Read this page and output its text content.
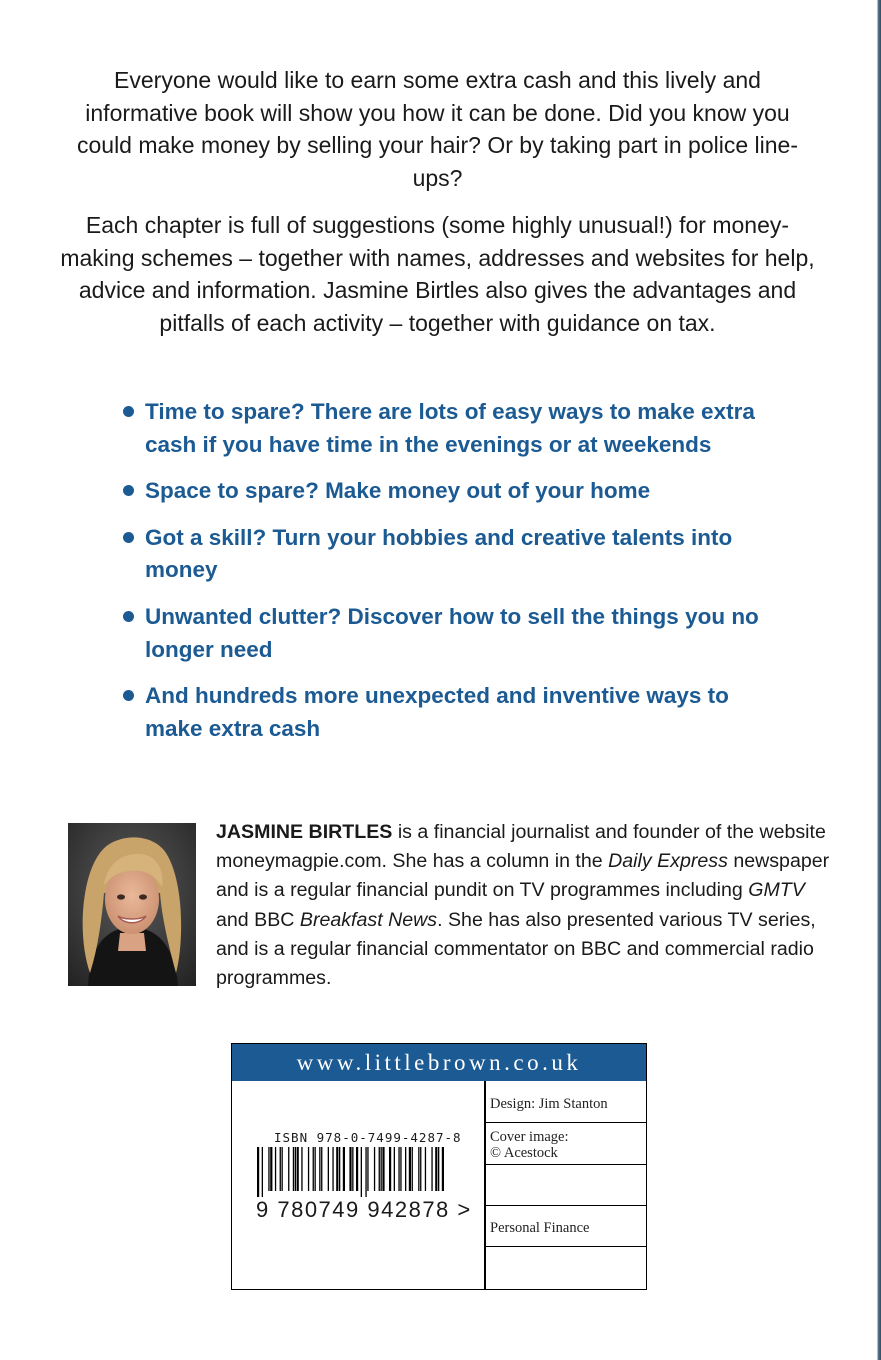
Everyone would like to earn some extra cash and this lively and informative book will show you how it can be done. Did you know you could make money by selling your hair? Or by taking part in police line-ups?

Each chapter is full of suggestions (some highly unusual!) for money-making schemes – together with names, addresses and websites for help, advice and information. Jasmine Birtles also gives the advantages and pitfalls of each activity – together with guidance on tax.

Time to spare? There are lots of easy ways to make extra cash if you have time in the evenings or at weekends
Space to spare? Make money out of your home
Got a skill? Turn your hobbies and creative talents into money
Unwanted clutter? Discover how to sell the things you no longer need
And hundreds more unexpected and inventive ways to make extra cash

JASMINE BIRTLES is a financial journalist and founder of the website moneymagpie.com. She has a column in the Daily Express newspaper and is a regular financial pundit on TV programmes including GMTV and BBC Breakfast News. She has also presented various TV series, and is a regular financial commentator on BBC and commercial radio programmes.

www.littlebrown.co.uk
ISBN 978-0-7499-4287-8
9 780749 942878 >
Design: Jim Stanton
Cover image:
© Acestock
Personal Finance
